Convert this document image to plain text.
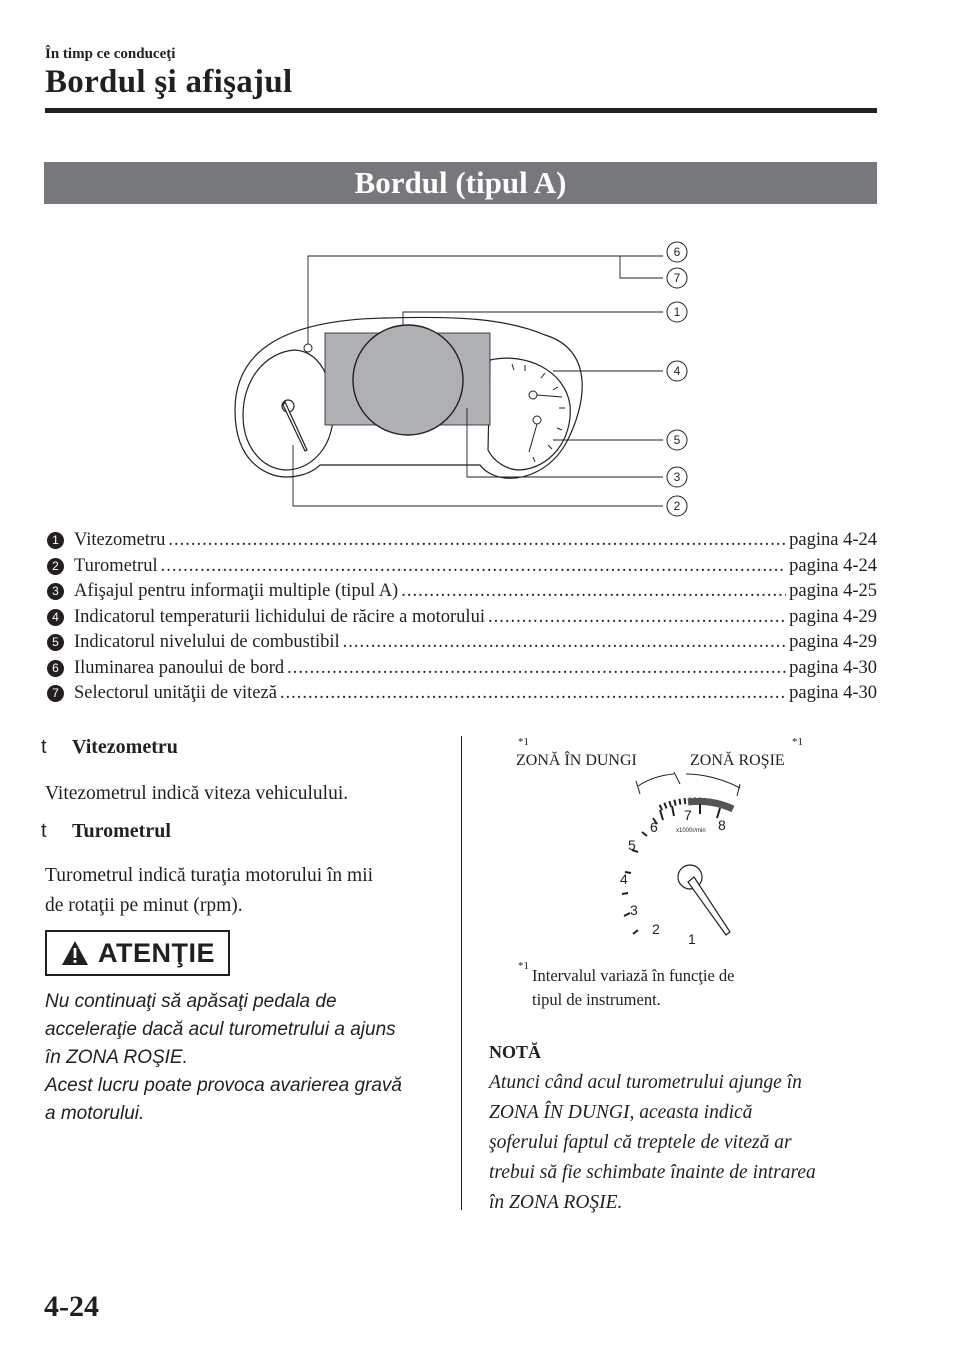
În timp ce conduceţi
Bordul şi afişajul
Bordul (tipul A)
6
7
1
4
5
3
2
1 Vitezometru .....	pagina 4-24
2 Turometrul .....	pagina 4-24
3 Afişajul pentru informaţii multiple (tipul A) .....	pagina 4-25
4 Indicatorul temperaturii lichidului de răcire a motorului .....	pagina 4-29
5 Indicatorul nivelului de combustibil .....	pagina 4-29
6 Iluminarea panoului de bord .....	pagina 4-30
7 Selectorul unităţii de viteză .....	pagina 4-30
t	Vitezometru
Vitezometrul indică viteza vehiculului.
t	Turometrul
Turometrul indică turaţia motorului în mii
de rotaţii pe minut (rpm).
ATENŢIE
Nu continuaţi să apăsaţi pedala de
acceleraţie dacă acul turometrului a ajuns
în ZONA ROŞIE.
Acest lucru poate provoca avarierea gravă
a motorului.
*1
ZONĂ ÎN DUNGI	ZONĂ ROŞIE
*1
1
2
3
4
5
6
7
8
x1000r/min
*1 Intervalul variază în funcţie de
tipul de instrument.
NOTĂ
Atunci când acul turometrului ajunge în
ZONA ÎN DUNGI, aceasta indică
şoferului faptul că treptele de viteză ar
trebui să fie schimbate înainte de intrarea
în ZONA ROŞIE.
4-24
